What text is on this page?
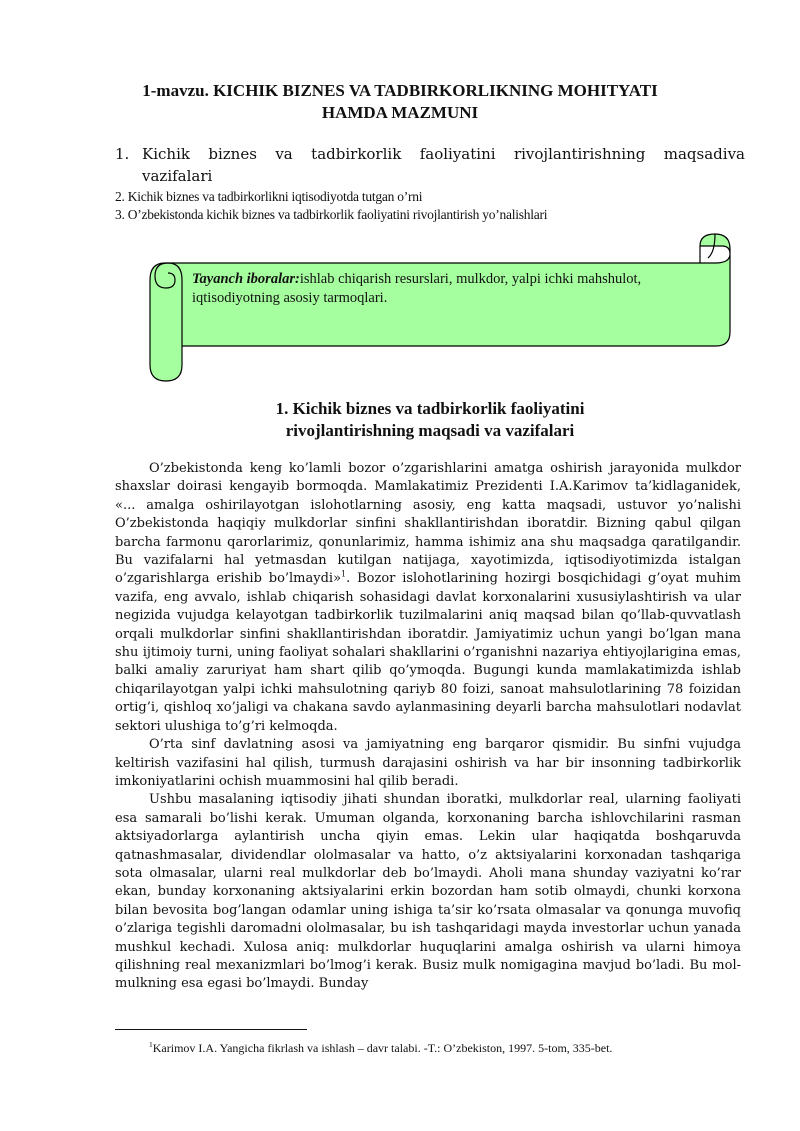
1-mavzu. KICHIK BIZNES VA TADBIRKORLIKNING MOHITYATI
HAMDA MAZMUNI
1. Kichik biznes va tadbirkorlik faoliyatini rivojlantirishning maqsadiva
vazifalari
2. Kichik biznes va tadbirkorlikni iqtisodiyotda tutgan o’rni
3. O’zbekistonda kichik biznes va tadbirkorlik faoliyatini rivojlantirish yo’nalishlari
Tayanch iboralar:ishlab chiqarish resurslari, mulkdor, yalpi ichki mahshulot, iqtisodiyotning asosiy tarmoqlari.
1. Kichik biznes va tadbirkorlik faoliyatini
rivojlantirishning maqsadi va vazifalari

O’zbekistonda keng ko’lamli bozor o’zgarishlarini amatga oshirish jarayonida mulkdor shaxslar doirasi kengayib bormoqda. Mamlakatimiz Prezidenti I.A.Karimov ta’kidlaganidek, «... amalga oshirilayotgan islohotlarning asosiy, eng katta maqsadi, ustuvor yo’nalishi O’zbekistonda haqiqiy mulkdorlar sinfini shakllantirishdan iboratdir. Bizning qabul qilgan barcha farmonu qarorlarimiz, qonunlarimiz, hamma ishimiz ana shu maqsadga qaratilgandir. Bu vazifalarni hal yetmasdan kutilgan natijaga, xayotimizda, iqtisodiyotimizda istalgan o’zgarishlarga erishib bo’lmaydi»$^1$. Bozor islohotlarining hozirgi bosqichidagi g’oyat muhim vazifa, eng avvalo, ishlab chiqarish sohasidagi davlat korxonalarini xususiylashtirish va ular negizida vujudga kelayotgan tadbirkorlik tuzilmalarini aniq maqsad bilan qo’llab-quvvatlash orqali mulkdorlar sinfini shakllantirishdan iboratdir. Jamiyatimiz uchun yangi bo’lgan mana shu ijtimoiy turni, uning faoliyat sohalari shakllarini o’rganishni nazariya ehtiyojlarigina emas, balki amaliy zaruriyat ham shart qilib qo’ymoqda. Bugungi kunda mamlakatimizda ishlab chiqarilayotgan yalpi ichki mahsulotning qariyb 80 foizi, sanoat mahsulotlarining 78 foizidan ortig’i, qishloq xo’jaligi va chakana savdo aylanmasining deyarli barcha mahsulotlari nodavlat sektori ulushiga to’g’ri kelmoqda.

O’rta sinf davlatning asosi va jamiyatning eng barqaror qismidir. Bu sinfni vujudga keltirish vazifasini hal qilish, turmush darajasini oshirish va har bir insonning tadbirkorlik imkoniyatlarini ochish muammosini hal qilib beradi.

Ushbu masalaning iqtisodiy jihati shundan iboratki, mulkdorlar real, ularning faoliyati esa samarali bo’lishi kerak. Umuman olganda, korxonaning barcha ishlovchilarini rasman aktsiyadorlarga aylantirish uncha qiyin emas. Lekin ular haqiqatda boshqaruvda qatnashmasalar, dividendlar ololmasalar va hatto, o’z aktsiyalarini korxonadan tashqariga sota olmasalar, ularni real mulkdorlar deb bo’lmaydi. Aholi mana shunday vaziyatni ko’rar ekan, bunday korxonaning aktsiyalarini erkin bozordan ham sotib olmaydi, chunki korxona bilan bevosita bog’langan odamlar uning ishiga ta’sir ko’rsata olmasalar va qonunga muvofiq o’zlariga tegishli daromadni ololmasalar, bu ish tashqaridagi mayda investorlar uchun yanada mushkul kechadi. Xulosa aniq: mulkdorlar huquqlarini amalga oshirish va ularni himoya qilishning real mexanizmlari bo’lmog’i kerak. Busiz mulk nomigagina mavjud bo’ladi. Bu mol-mulkning esa egasi bo’lmaydi. Bunday

$^1$Karimov I.A. Yangicha fikrlash va ishlash – davr talabi. -T.: O’zbekiston, 1997. 5-tom, 335-bet.
